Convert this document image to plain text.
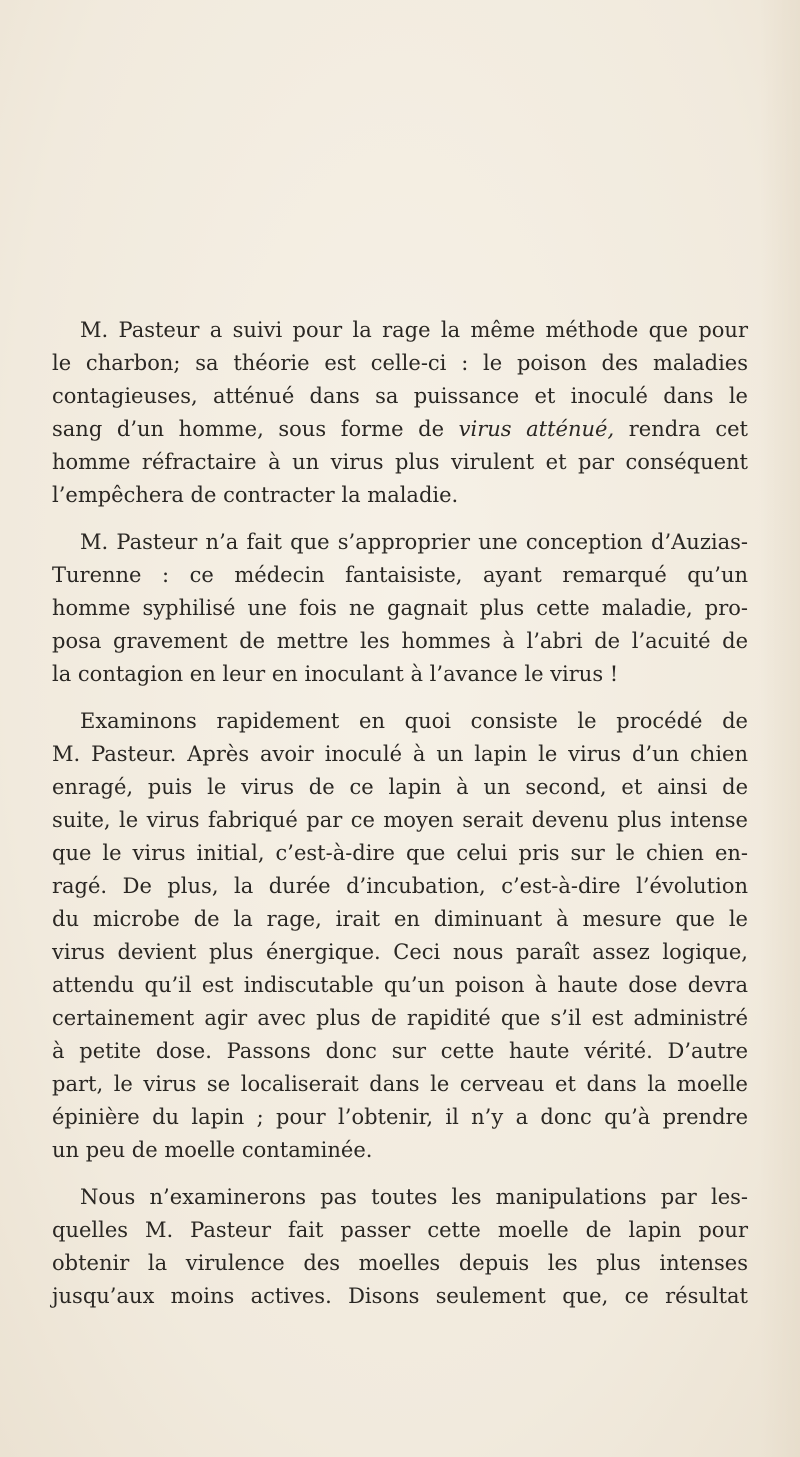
M. Pasteur a suivi pour la rage la même méthode que pour
le charbon; sa théorie est celle-ci : le poison des maladies
contagieuses, atténué dans sa puissance et inoculé dans le
sang d’un homme, sous forme de virus atténué, rendra cet
homme réfractaire à un virus plus virulent et par conséquent
l’empêchera de contracter la maladie.
M. Pasteur n’a fait que s’approprier une conception d’Auzias-
Turenne : ce médecin fantaisiste, ayant remarqué qu’un
homme syphilisé une fois ne gagnait plus cette maladie, pro-
posa gravement de mettre les hommes à l’abri de l’acuité de
la contagion en leur en inoculant à l’avance le virus !
Examinons rapidement en quoi consiste le procédé de
M. Pasteur. Après avoir inoculé à un lapin le virus d’un chien
enragé, puis le virus de ce lapin à un second, et ainsi de
suite, le virus fabriqué par ce moyen serait devenu plus intense
que le virus initial, c’est-à-dire que celui pris sur le chien en-
ragé. De plus, la durée d’incubation, c’est-à-dire l’évolution
du microbe de la rage, irait en diminuant à mesure que le
virus devient plus énergique. Ceci nous paraît assez logique,
attendu qu’il est indiscutable qu’un poison à haute dose devra
certainement agir avec plus de rapidité que s’il est administré
à petite dose. Passons donc sur cette haute vérité. D’autre
part, le virus se localiserait dans le cerveau et dans la moelle
épinière du lapin ; pour l’obtenir, il n’y a donc qu’à prendre
un peu de moelle contaminée.
Nous n’examinerons pas toutes les manipulations par les-
quelles M. Pasteur fait passer cette moelle de lapin pour
obtenir la virulence des moelles depuis les plus intenses
jusqu’aux moins actives. Disons seulement que, ce résultat
